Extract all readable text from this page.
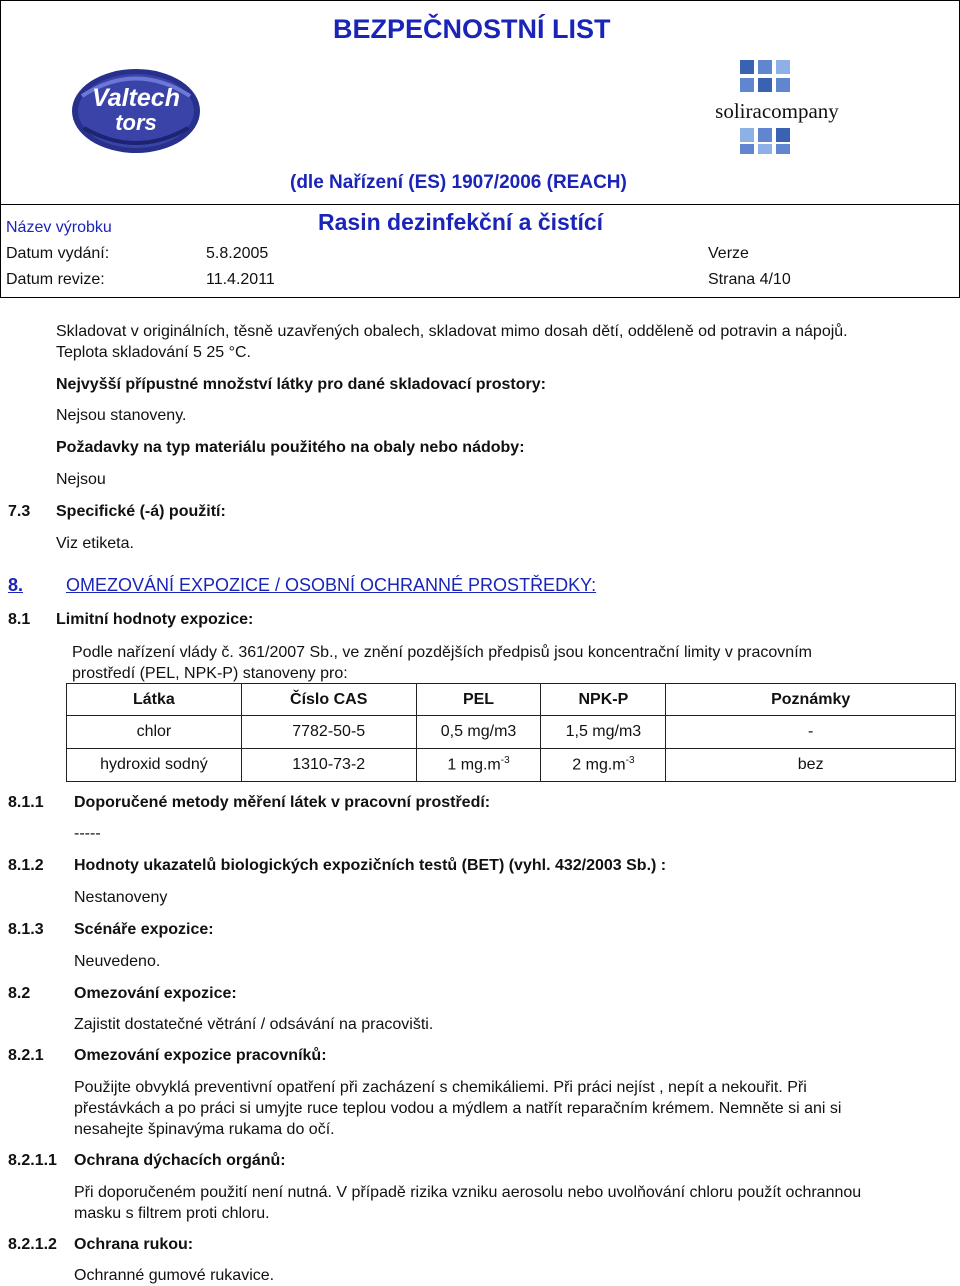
Valtech
tors	soliracompany
BEZPEČNOSTNÍ LIST
(dle Nařízení (ES) 1907/2006 (REACH)
Název výrobku	Rasin dezinfekční a čistící
Datum vydání:	5.8.2005	Verze
Datum revize:	11.4.2011	Strana 4/10
Skladovat v originálních, těsně uzavřených obalech, skladovat mimo dosah dětí, odděleně od potravin a nápojů.
Teplota skladování 5 25 °C.
Nejvyšší přípustné množství látky pro dané skladovací prostory:
Nejsou stanoveny.
Požadavky na typ materiálu použitého na obaly nebo nádoby:
Nejsou
7.3 Specifické (-á) použití:
Viz etiketa.
8. OMEZOVÁNÍ EXPOZICE / OSOBNÍ OCHRANNÉ PROSTŘEDKY:
8.1 Limitní hodnoty expozice:
Podle nařízení vlády č. 361/2007 Sb., ve znění pozdějších předpisů jsou koncentrační limity v pracovním
prostředí (PEL, NPK-P) stanoveny pro:
Látka	Číslo CAS	PEL	NPK-P	Poznámky
chlor	7782-50-5	0,5 mg/m3	1,5 mg/m3	-
hydroxid sodný	1310-73-2	1 $mg.m^{-3}$	2 $mg.m^{-3}$	bez
8.1.1 Doporučené metody měření látek v pracovní prostředí:
-----
8.1.2 Hodnoty ukazatelů biologických expozičních testů (BET) (vyhl. 432/2003 Sb.) :
Nestanoveny
8.1.3 Scénáře expozice:
Neuvedeno.
8.2	Omezování expozice:
Zajistit dostatečné větrání / odsávání na pracovišti.
8.2.1 Omezování expozice pracovníků:
Použijte obvyklá preventivní opatření při zacházení s chemikáliemi. Při práci nejíst , nepít a nekouřit. Při
přestávkách a po práci si umyjte ruce teplou vodou a mýdlem a natřít reparačním krémem. Nemněte si ani si
nesahejte špinavýma rukama do očí.
8.2.1.1 Ochrana dýchacích orgánů:
Při doporučeném použití není nutná. V případě rizika vzniku aerosolu nebo uvolňování chloru použít ochrannou
masku s filtrem proti chloru.
8.2.1.2 Ochrana rukou:
Ochranné gumové rukavice.
